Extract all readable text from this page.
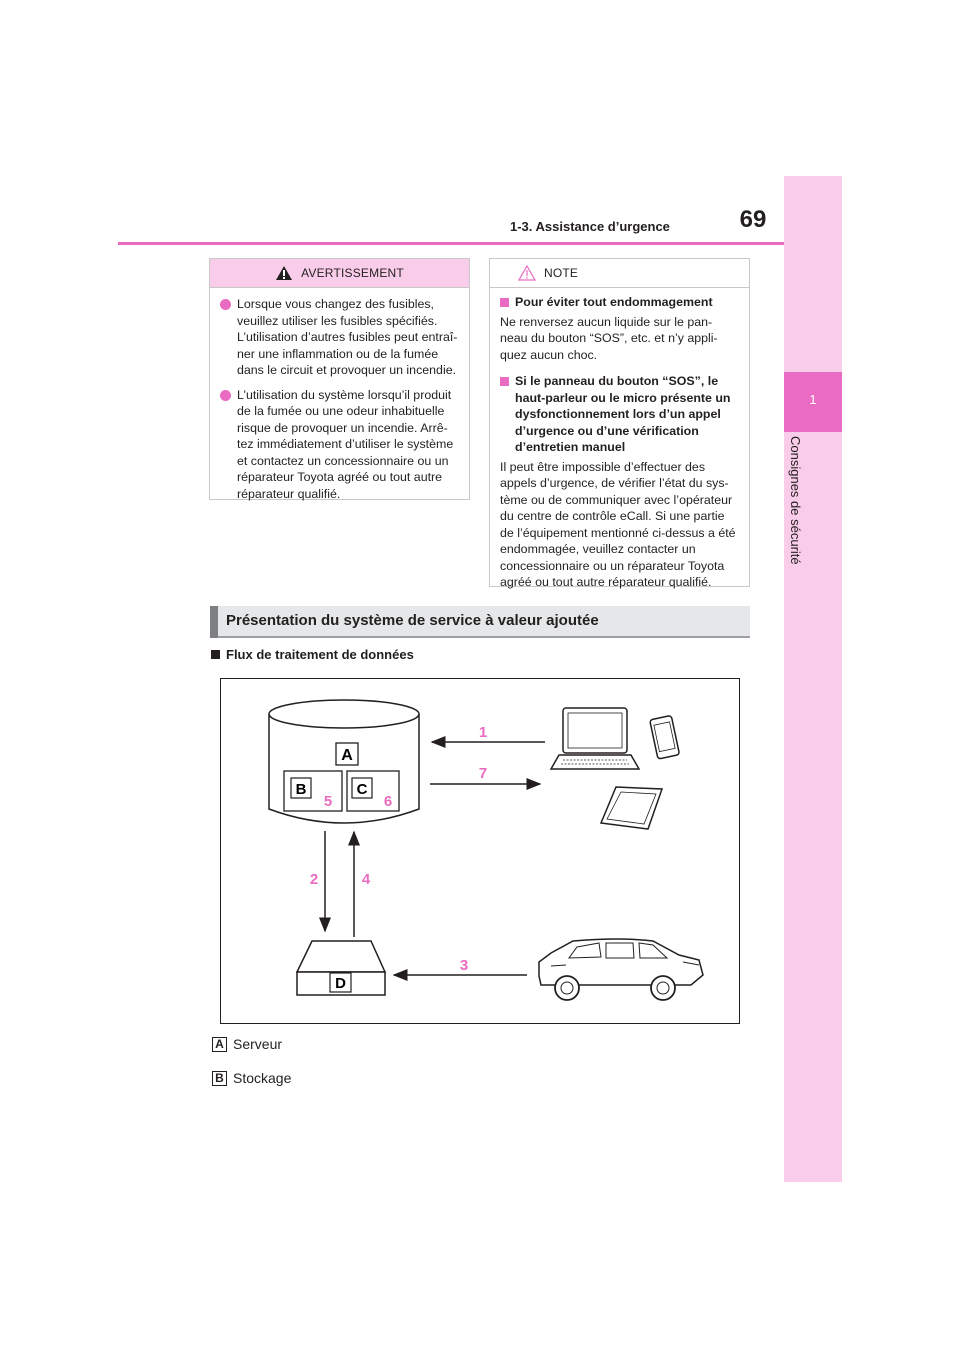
1-3. Assistance d’urgence	69
1
Consignes de sécurité
AVERTISSEMENT
Lorsque vous changez des fusibles, veuillez utiliser les fusibles spécifiés. L’utilisation d’autres fusibles peut entraî-ner une inflammation ou de la fumée dans le circuit et provoquer un incendie.
L’utilisation du système lorsqu’il produit de la fumée ou une odeur inhabituelle risque de provoquer un incendie. Arrê-tez immédiatement d’utiliser le système et contactez un concessionnaire ou un réparateur Toyota agréé ou tout autre réparateur qualifié.
NOTE
Pour éviter tout endommagement
Ne renversez aucun liquide sur le pan-neau du bouton “SOS”, etc. et n’y appli-quez aucun choc.
Si le panneau du bouton “SOS”, le haut-parleur ou le micro présente un dysfonctionnement lors d’un appel d’urgence ou d’une vérification d’entretien manuel
Il peut être impossible d’effectuer des appels d’urgence, de vérifier l’état du sys-tème ou de communiquer avec l’opérateur du centre de contrôle eCall. Si une partie de l’équipement mentionné ci-dessus a été endommagée, veuillez contacter un concessionnaire ou un réparateur Toyota agréé ou tout autre réparateur qualifié.
Présentation du système de service à valeur ajoutée
Flux de traitement de données
A
B	C
5	6
1
7
2	4
D
3
A Serveur
B Stockage
